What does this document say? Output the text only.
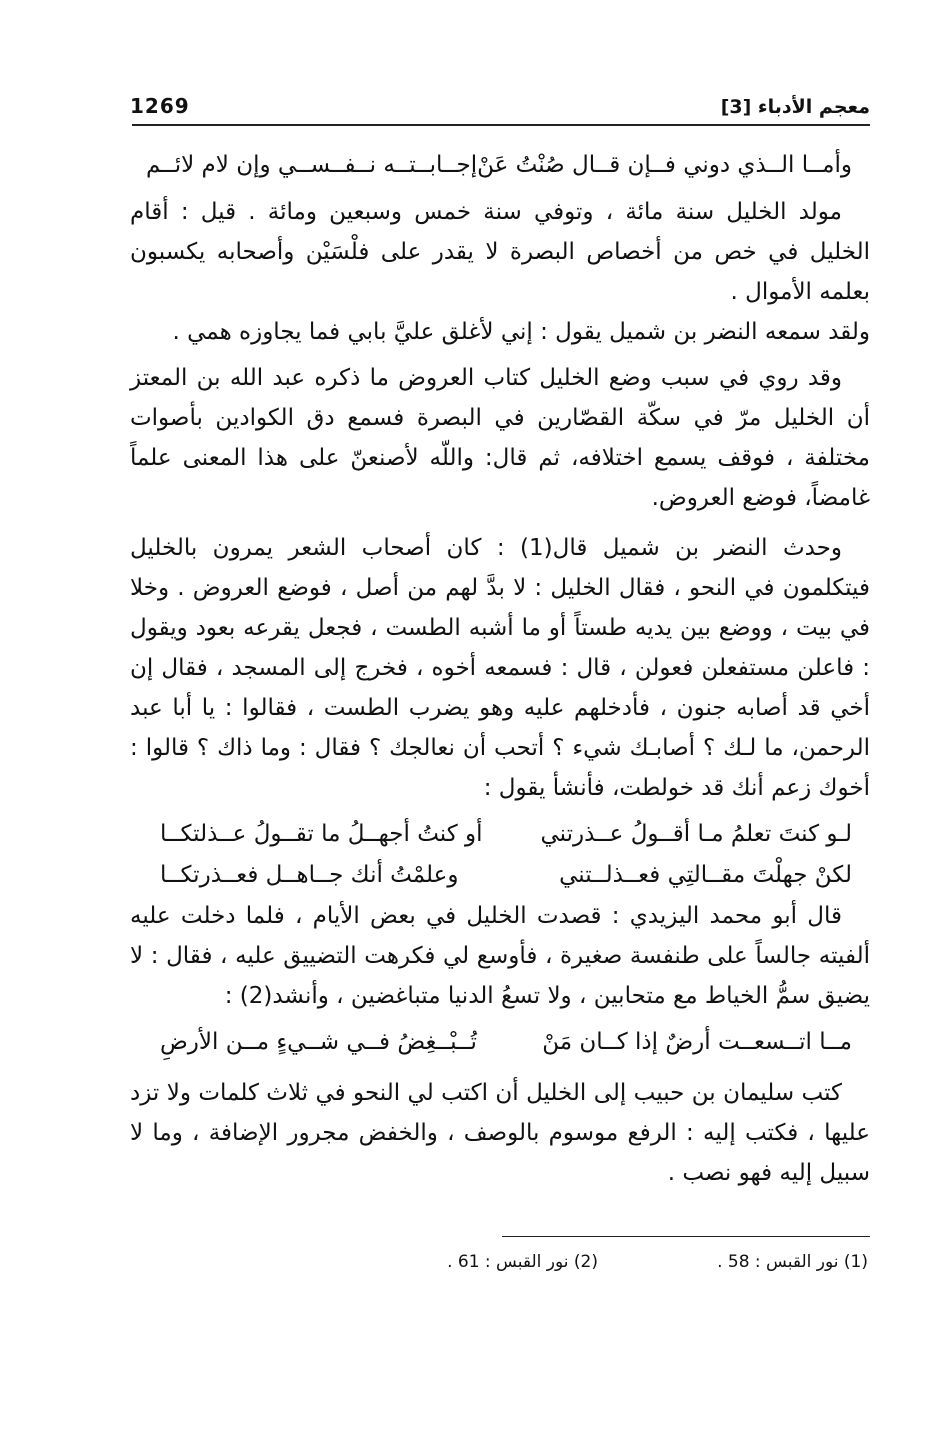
معجم الأدباء [3]
1269
وأمــا الــذي دوني فــإن قــال صُنْتُ عَنْ
إجــابــتــه نــفــســي وإن لام لائــم

مولد الخليل سنة مائة ، وتوفي سنة خمس وسبعين ومائة . قيل : أقام الخليل في خص من أخصاص البصرة لا يقدر على فلْسَيْن وأصحابه يكسبون بعلمه الأموال .

ولقد سمعه النضر بن شميل يقول : إني لأغلق عليَّ بابي فما يجاوزه همي .

وقد روي في سبب وضع الخليل كتاب العروض ما ذكره عبد الله بن المعتز أن الخليل مرّ في سكّة القصّارين في البصرة فسمع دق الكوادين بأصوات مختلفة ، فوقف يسمع اختلافه، ثم قال: واللّه لأصنعنّ على هذا المعنى علماً غامضاً، فوضع العروض.

وحدث النضر بن شميل قال(1) : كان أصحاب الشعر يمرون بالخليل فيتكلمون في النحو ، فقال الخليل : لا بدَّ لهم من أصل ، فوضع العروض . وخلا في بيت ، ووضع بين يديه طستاً أو ما أشبه الطست ، فجعل يقرعه بعود ويقول : فاعلن مستفعلن فعولن ، قال : فسمعه أخوه ، فخرج إلى المسجد ، فقال إن أخي قد أصابه جنون ، فأدخلهم عليه وهو يضرب الطست ، فقالوا : يا أبا عبد الرحمن، ما لـك ؟ أصابـك شيء ؟ أتحب أن نعالجك ؟ فقال : وما ذاك ؟ قالوا : أخوك زعم أنك قد خولطت، فأنشأ يقول :

لـو كنتَ تعلمُ مـا أقــولُ عــذرتني
أو كنتُ أجهــلُ ما تقــولُ عــذلتكــا
لكنْ جهلْتَ مقــالتِي فعــذلــتني
وعلمْتُ أنك جــاهــل فعــذرتكــا

قال أبو محمد اليزيدي : قصدت الخليل في بعض الأيام ، فلما دخلت عليه ألفيته جالساً على طنفسة صغيرة ، فأوسع لي فكرهت التضييق عليه ، فقال : لا يضيق سمُّ الخياط مع متحابين ، ولا تسعُ الدنيا متباغضين ، وأنشد(2) :

مــا اتــسعــت أرضٌ إذا كــان مَنْ
تُــبْــغِضُ فــي شــيءٍ مــن الأرضِ

كتب سليمان بن حبيب إلى الخليل أن اكتب لي النحو في ثلاث كلمات ولا تزد عليها ، فكتب إليه : الرفع موسوم بالوصف ، والخفض مجرور الإضافة ، وما لا سبيل إليه فهو نصب .

(1) نور القبس : 58 .
(2) نور القبس : 61 .
